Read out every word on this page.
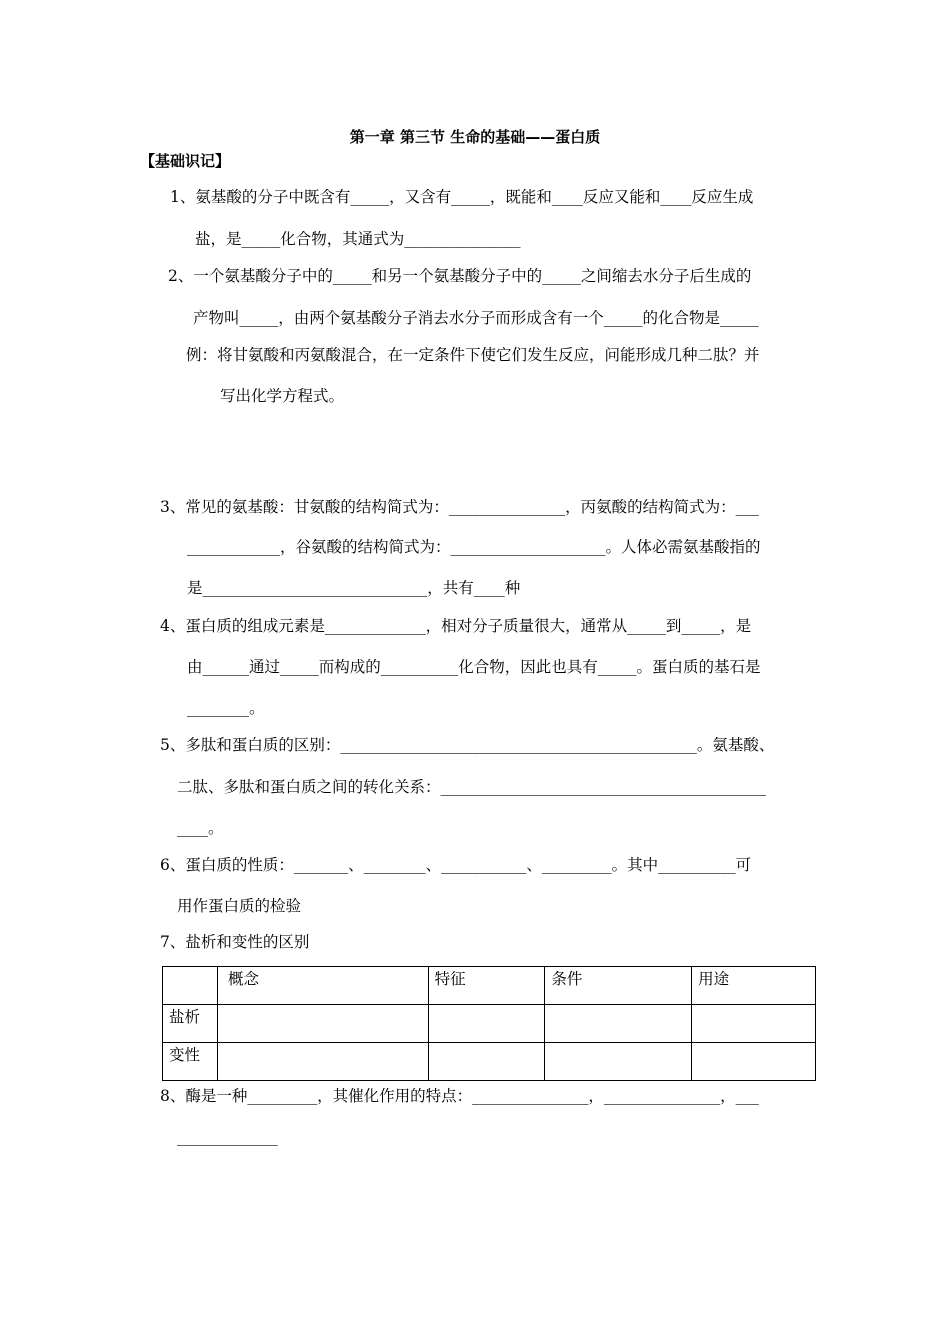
第一章 第三节 生命的基础——蛋白质
【基础识记】
1、氨基酸的分子中既含有_____，又含有_____，既能和____反应又能和____反应生成
盐，是_____化合物，其通式为_______________
2、一个氨基酸分子中的_____和另一个氨基酸分子中的_____之间缩去水分子后生成的
产物叫_____，由两个氨基酸分子消去水分子而形成含有一个_____的化合物是_____
例：将甘氨酸和丙氨酸混合，在一定条件下使它们发生反应，问能形成几种二肽？并
写出化学方程式。
3、常见的氨基酸：甘氨酸的结构简式为：_______________，丙氨酸的结构简式为：___
____________，谷氨酸的结构简式为：____________________。人体必需氨基酸指的
是_____________________________，共有____种
4、蛋白质的组成元素是_____________，相对分子质量很大，通常从_____到_____，是
由______通过_____而构成的__________化合物，因此也具有_____。蛋白质的基石是
________。
5、多肽和蛋白质的区别：______________________________________________。氨基酸、
二肽、多肽和蛋白质之间的转化关系：__________________________________________
____。
6、蛋白质的性质：_______、________、___________、_________。其中__________可
用作蛋白质的检验
7、盐析和变性的区别
	概念	特征	条件	用途
盐析				
变性				
8、酶是一种_________，其催化作用的特点：_______________，_______________，___
_____________
